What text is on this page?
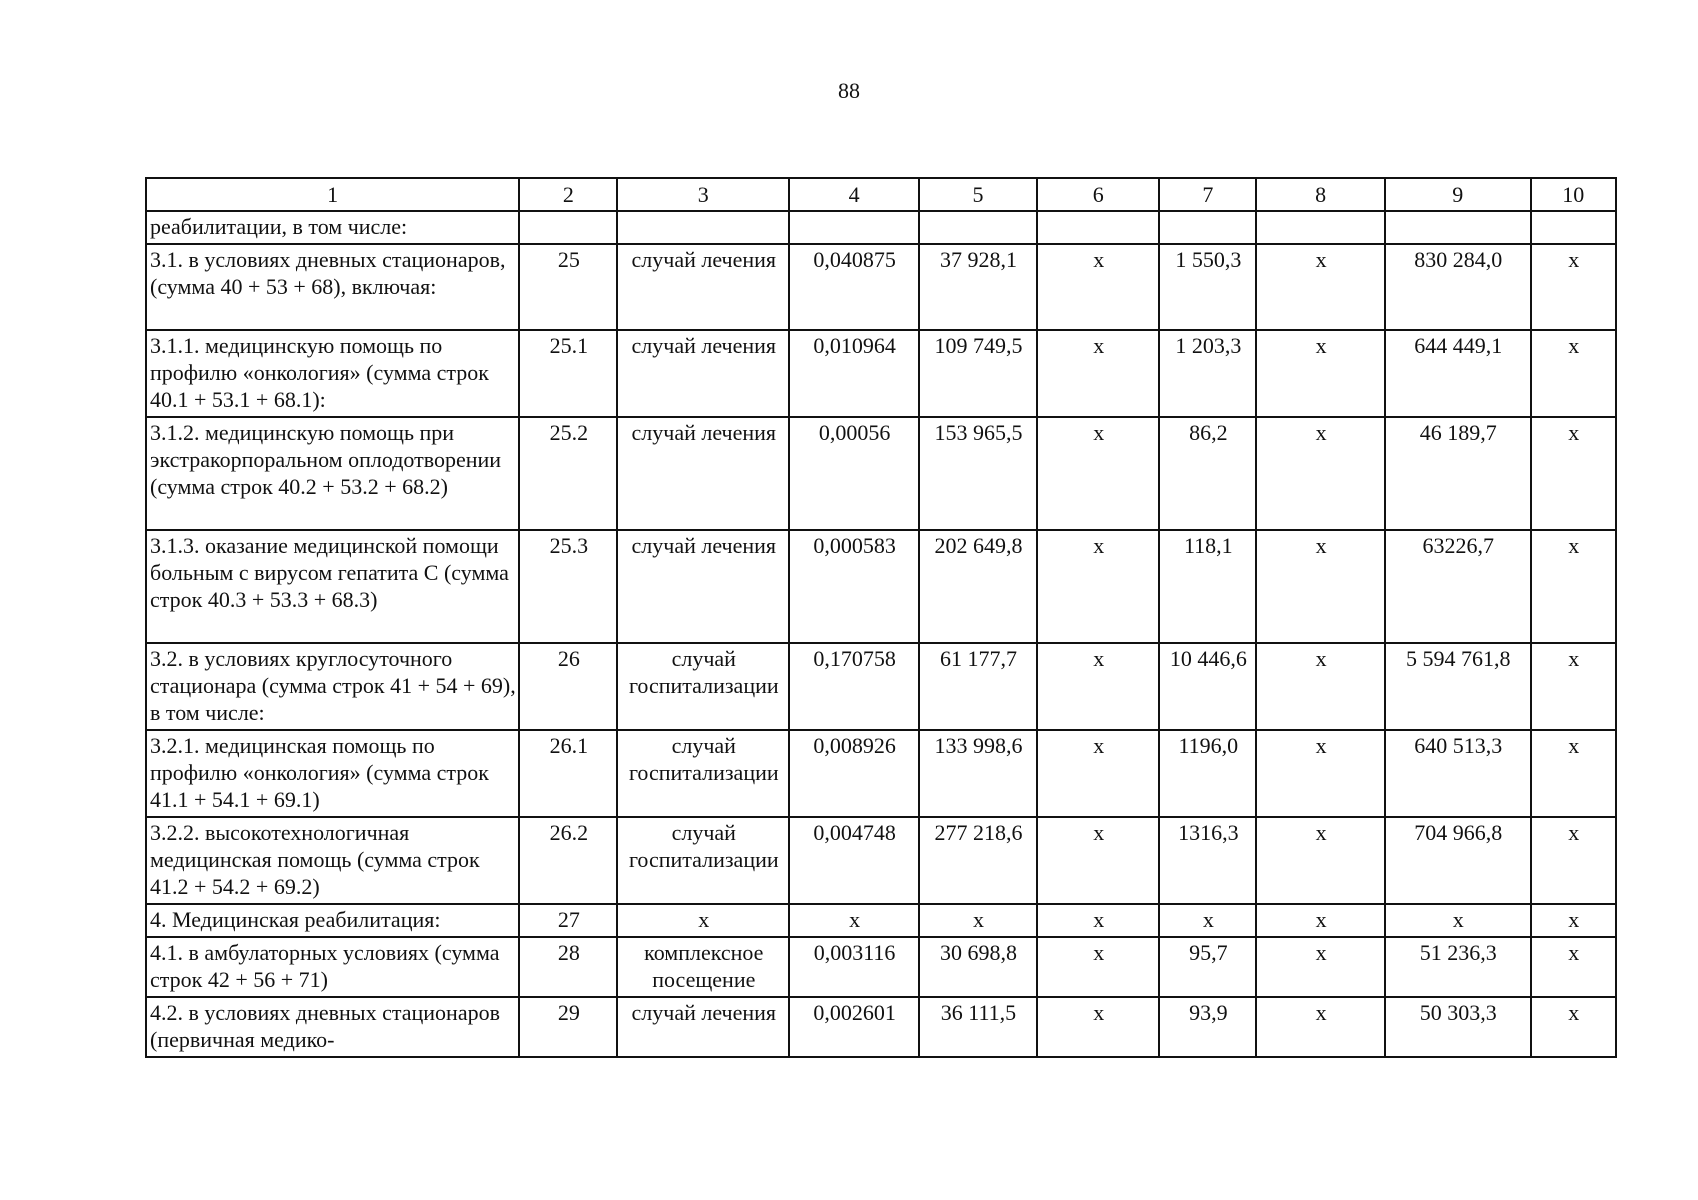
88
1	2	3	4	5	6	7	8	9	10
реабилитации, в том числе:									
3.1. в условиях дневных стационаров, (сумма 40 + 53 + 68), включая:	25	случай лечения	0,040875	37 928,1	х	1 550,3	х	830 284,0	х
3.1.1. медицинскую помощь по профилю «онкология» (сумма строк 40.1 + 53.1 + 68.1):	25.1	случай лечения	0,010964	109 749,5	х	1 203,3	х	644 449,1	х
3.1.2. медицинскую помощь при экстракорпоральном оплодотворении (сумма строк 40.2 + 53.2 + 68.2)	25.2	случай лечения	0,00056	153 965,5	х	86,2	х	46 189,7	х
3.1.3. оказание медицинской помощи больным с вирусом гепатита С (сумма строк 40.3 + 53.3 + 68.3)	25.3	случай лечения	0,000583	202 649,8	х	118,1	х	63226,7	х
3.2. в условиях круглосуточного стационара (сумма строк 41 + 54 + 69), в том числе:	26	случай госпитализации	0,170758	61 177,7	х	10 446,6	х	5 594 761,8	х
3.2.1. медицинская помощь по профилю «онкология» (сумма строк 41.1 + 54.1 + 69.1)	26.1	случай госпитализации	0,008926	133 998,6	х	1196,0	х	640 513,3	х
3.2.2. высокотехнологичная медицинская помощь (сумма строк 41.2 + 54.2 + 69.2)	26.2	случай госпитализации	0,004748	277 218,6	х	1316,3	х	704 966,8	х
4. Медицинская реабилитация:	27	х	х	х	х	х	х	х	х
4.1. в амбулаторных условиях (сумма строк 42 + 56 + 71)	28	комплексное посещение	0,003116	30 698,8	х	95,7	х	51 236,3	х
4.2. в условиях дневных стационаров (первичная медико-	29	случай лечения	0,002601	36 111,5	х	93,9	х	50 303,3	х
